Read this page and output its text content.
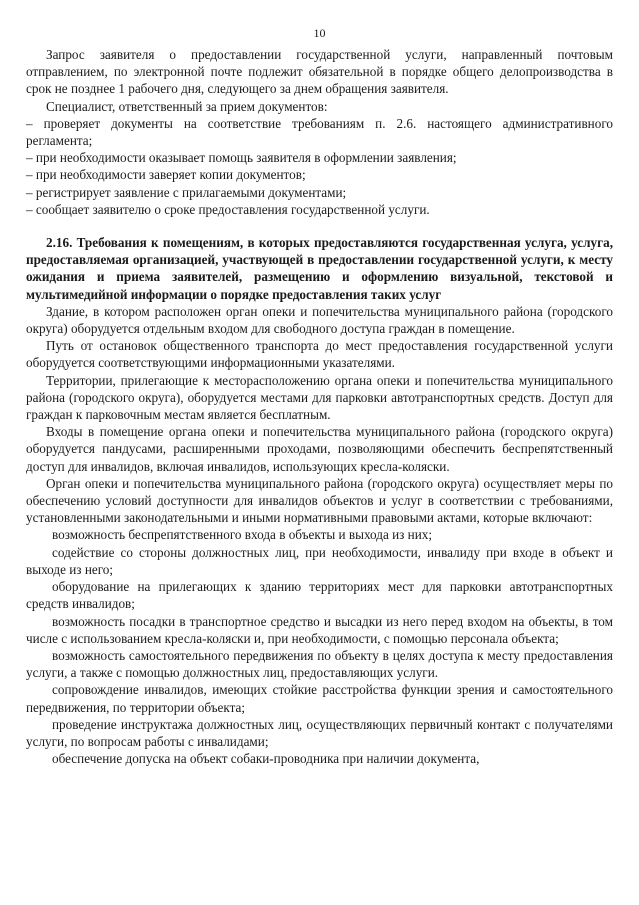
10

Запрос заявителя о предоставлении государственной услуги, направленный почтовым отправлением, по электронной почте подлежит обязательной в порядке общего делопроизводства в срок не позднее 1 рабочего дня, следующего за днем обращения заявителя.

Специалист, ответственный за прием документов:

– проверяет документы на соответствие требованиям п. 2.6. настоящего административного регламента;

– при необходимости оказывает помощь заявителя в оформлении заявления;

– при необходимости заверяет копии документов;

– регистрирует заявление с прилагаемыми документами;

– сообщает заявителю о сроке предоставления государственной услуги.

2.16. Требования к помещениям, в которых предоставляются государственная услуга, услуга, предоставляемая организацией, участвующей в предоставлении государственной услуги, к месту ожидания и приема заявителей, размещению и оформлению визуальной, текстовой и мультимедийной информации о порядке предоставления таких услуг

Здание, в котором расположен орган опеки и попечительства муниципального района (городского округа) оборудуется отдельным входом для свободного доступа граждан в помещение.

Путь от остановок общественного транспорта до мест предоставления государственной услуги оборудуется соответствующими информационными указателями.

Территории, прилегающие к месторасположению органа опеки и попечительства муниципального района (городского округа), оборудуется местами для парковки автотранспортных средств. Доступ для граждан к парковочным местам является бесплатным.

Входы в помещение органа опеки и попечительства муниципального района (городского округа) оборудуется пандусами, расширенными проходами, позволяющими обеспечить беспрепятственный доступ для инвалидов, включая инвалидов, использующих кресла-коляски.

Орган опеки и попечительства муниципального района (городского округа) осуществляет меры по обеспечению условий доступности для инвалидов объектов и услуг в соответствии с требованиями, установленными законодательными и иными нормативными правовыми актами, которые включают:

возможность беспрепятственного входа в объекты и выхода из них;

содействие со стороны должностных лиц, при необходимости, инвалиду при входе в объект и выходе из него;

оборудование на прилегающих к зданию территориях мест для парковки автотранспортных средств инвалидов;

возможность посадки в транспортное средство и высадки из него перед входом на объекты, в том числе с использованием кресла-коляски и, при необходимости, с помощью персонала объекта;

возможность самостоятельного передвижения по объекту в целях доступа к месту предоставления услуги, а также с помощью должностных лиц, предоставляющих услуги.

сопровождение инвалидов, имеющих стойкие расстройства функции зрения и самостоятельного передвижения, по территории объекта;

проведение инструктажа должностных лиц, осуществляющих первичный контакт с получателями услуги, по вопросам работы с инвалидами;

обеспечение допуска на объект собаки-проводника при наличии документа,
